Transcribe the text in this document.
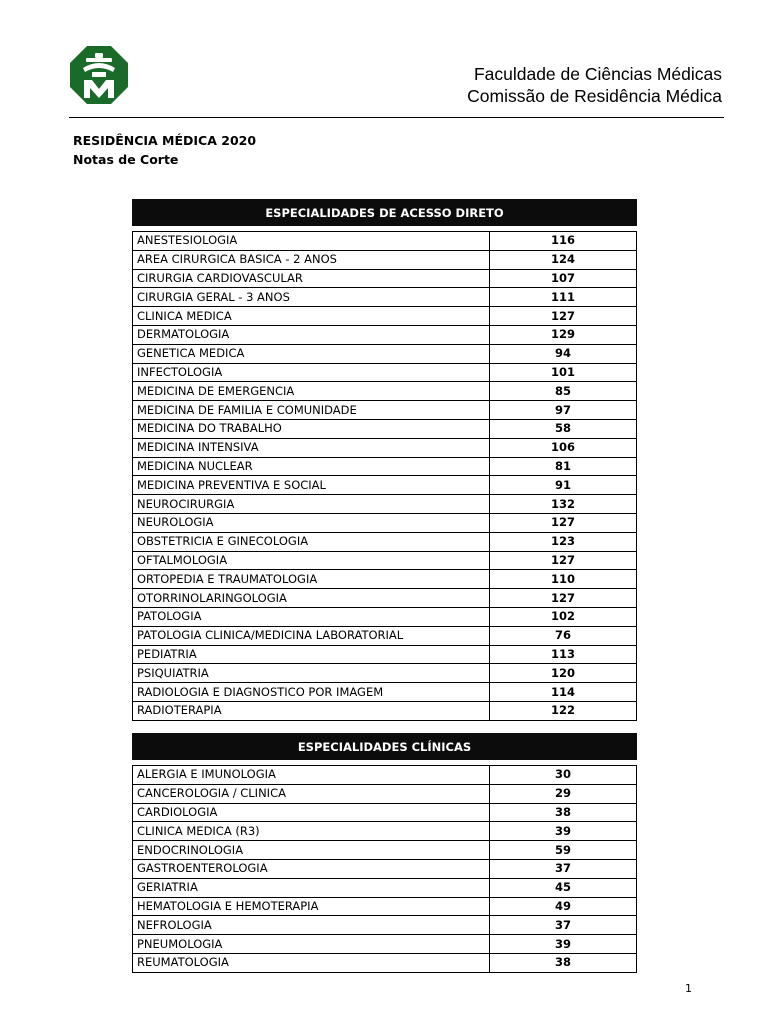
Faculdade de Ciências Médicas
Comissão de Residência Médica
RESIDÊNCIA MÉDICA 2020
Notas de Corte
ESPECIALIDADES DE ACESSO DIRETO	

ANESTESIOLOGIA	116
AREA CIRURGICA BASICA - 2 ANOS	124
CIRURGIA CARDIOVASCULAR	107
CIRURGIA GERAL - 3 ANOS	111
CLINICA MEDICA	127
DERMATOLOGIA	129
GENETICA MEDICA	94
INFECTOLOGIA	101
MEDICINA DE EMERGENCIA	85
MEDICINA DE FAMILIA E COMUNIDADE	97
MEDICINA DO TRABALHO	58
MEDICINA INTENSIVA	106
MEDICINA NUCLEAR	81
MEDICINA PREVENTIVA E SOCIAL	91
NEUROCIRURGIA	132
NEUROLOGIA	127
OBSTETRICIA E GINECOLOGIA	123
OFTALMOLOGIA	127
ORTOPEDIA E TRAUMATOLOGIA	110
OTORRINOLARINGOLOGIA	127
PATOLOGIA	102
PATOLOGIA CLINICA/MEDICINA LABORATORIAL	76
PEDIATRIA	113
PSIQUIATRIA	120
RADIOLOGIA E DIAGNOSTICO POR IMAGEM	114
RADIOTERAPIA	122
ESPECIALIDADES CLÍNICAS	

ALERGIA E IMUNOLOGIA	30
CANCEROLOGIA / CLINICA	29
CARDIOLOGIA	38
CLINICA MEDICA (R3)	39
ENDOCRINOLOGIA	59
GASTROENTEROLOGIA	37
GERIATRIA	45
HEMATOLOGIA E HEMOTERAPIA	49
NEFROLOGIA	37
PNEUMOLOGIA	39
REUMATOLOGIA	38
1
